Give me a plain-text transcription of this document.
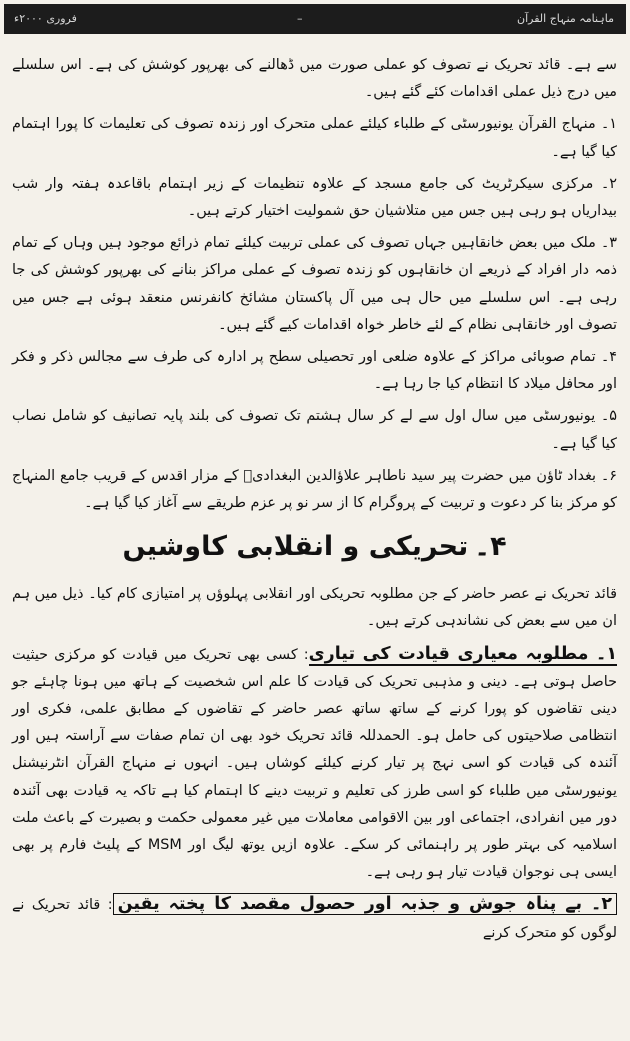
فروری ۲۰۰۰ء	–	ماہنامہ منہاج القرآن

سے ہے۔ قائد تحریک نے تصوف کو عملی صورت میں ڈھالنے کی بھرپور کوشش کی ہے۔ اس سلسلے میں درج ذیل عملی اقدامات کئے گئے ہیں۔

۱۔ منہاج القرآن یونیورسٹی کے طلباء کیلئے عملی متحرک اور زندہ تصوف کی تعلیمات کا پورا اہتمام کیا گیا ہے۔

۲۔ مرکزی سیکرٹریٹ کی جامع مسجد کے علاوہ تنظیمات کے زیر اہتمام باقاعدہ ہفتہ وار شب بیداریاں ہو رہی ہیں جس میں متلاشیان حق شمولیت اختیار کرتے ہیں۔

۳۔ ملک میں بعض خانقاہیں جہاں تصوف کی عملی تربیت کیلئے تمام ذرائع موجود ہیں وہاں کے تمام ذمہ دار افراد کے ذریعے ان خانقاہوں کو زندہ تصوف کے عملی مراکز بنانے کی بھرپور کوشش کی جا رہی ہے۔ اس سلسلے میں حال ہی میں آل پاکستان مشائخ کانفرنس منعقد ہوئی ہے جس میں تصوف اور خانقاہی نظام کے لئے خاطر خواہ اقدامات کیے گئے ہیں۔

۴۔ تمام صوبائی مراکز کے علاوہ ضلعی اور تحصیلی سطح پر ادارہ کی طرف سے مجالس ذکر و فکر اور محافل میلاد کا انتظام کیا جا رہا ہے۔

۵۔ یونیورسٹی میں سال اول سے لے کر سال ہشتم تک تصوف کی بلند پایہ تصانیف کو شامل نصاب کیا گیا ہے۔

۶۔ بغداد ٹاؤن میں حضرت پیر سید ناطاہر علاؤالدین البغدادیؒ کے مزار اقدس کے قریب جامع المنہاج کو مرکز بنا کر دعوت و تربیت کے پروگرام کا از سر نو پر عزم طریقے سے آغاز کیا گیا ہے۔

۴۔تحریکی و انقلابی کاوشیں

قائد تحریک نے عصر حاضر کے جن مطلوبہ تحریکی اور انقلابی پہلوؤں پر امتیازی کام کیا۔ ذیل میں ہم ان میں سے بعض کی نشاندہی کرتے ہیں۔

۱۔ مطلوبہ معیاری قیادت کی تیاری: کسی بھی تحریک میں قیادت کو مرکزی حیثیت حاصل ہوتی ہے۔ دینی و مذہبی تحریک کی قیادت کا علم اس شخصیت کے ہاتھ میں ہونا چاہئے جو دینی تقاضوں کو پورا کرنے کے ساتھ ساتھ عصر حاضر کے تقاضوں کے مطابق علمی، فکری اور انتظامی صلاحیتوں کی حامل ہو۔ الحمدللہ قائد تحریک خود بھی ان تمام صفات سے آراستہ ہیں اور آئندہ کی قیادت کو اسی نہج پر تیار کرنے کیلئے کوشاں ہیں۔ انہوں نے منہاج القرآن انٹرنیشنل یونیورسٹی میں طلباء کو اسی طرز کی تعلیم و تربیت دینے کا اہتمام کیا ہے تاکہ یہ قیادت بھی آئندہ دور میں انفرادی، اجتماعی اور بین الاقوامی معاملات میں غیر معمولی حکمت و بصیرت کے باعث ملت اسلامیہ کی بہتر طور پر راہنمائی کر سکے۔ علاوہ ازیں یوتھ لیگ اور MSM کے پلیٹ فارم پر بھی ایسی ہی نوجوان قیادت تیار ہو رہی ہے۔

۲۔ بے پناہ جوش و جذبہ اور حصول مقصد کا پختہ یقین: قائد تحریک نے لوگوں کو متحرک کرنے
